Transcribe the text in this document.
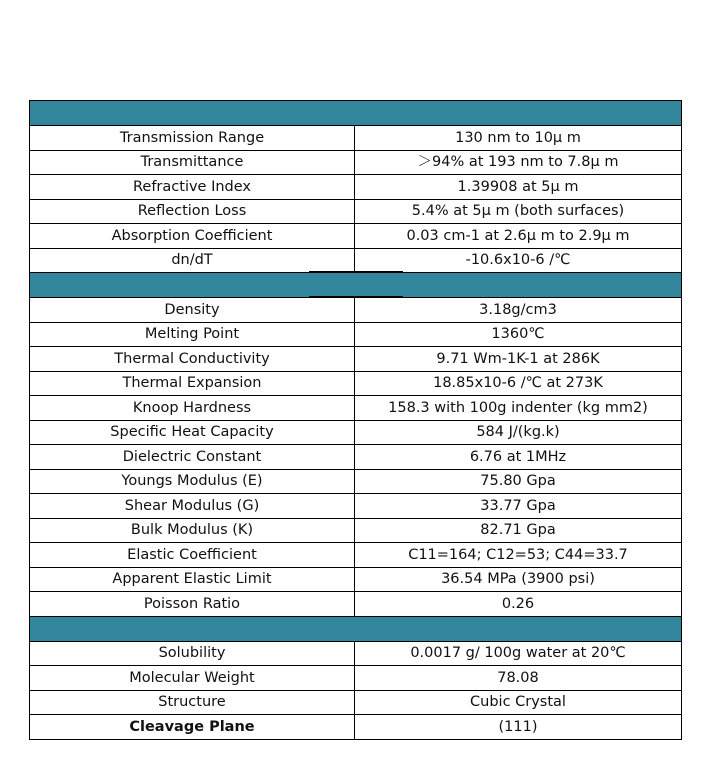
Transmission Range	130 nm to 10μ m
Transmittance	＞94% at 193 nm to 7.8μ m
Refractive Index	1.39908 at 5μ m
Reflection Loss	5.4% at 5μ m (both surfaces)
Absorption Coefficient	0.03 cm-1 at 2.6μ m to 2.9μ m
dn/dT	-10.6x10-6 /℃

Density	3.18g/cm3
Melting Point	1360℃
Thermal Conductivity	9.71 Wm-1K-1 at 286K
Thermal Expansion	18.85x10-6 /℃ at 273K
Knoop Hardness	158.3 with 100g indenter (kg mm2)
Specific Heat Capacity	584 J/(kg.k)
Dielectric Constant	6.76 at 1MHz
Youngs Modulus (E)	75.80 Gpa
Shear Modulus (G)	33.77 Gpa
Bulk Modulus (K)	82.71 Gpa
Elastic Coefficient	C11=164; C12=53; C44=33.7
Apparent Elastic Limit	36.54 MPa (3900 psi)
Poisson Ratio	0.26

Solubility	0.0017 g/ 100g water at 20℃
Molecular Weight	78.08
Structure	Cubic Crystal
Cleavage Plane	(111)
